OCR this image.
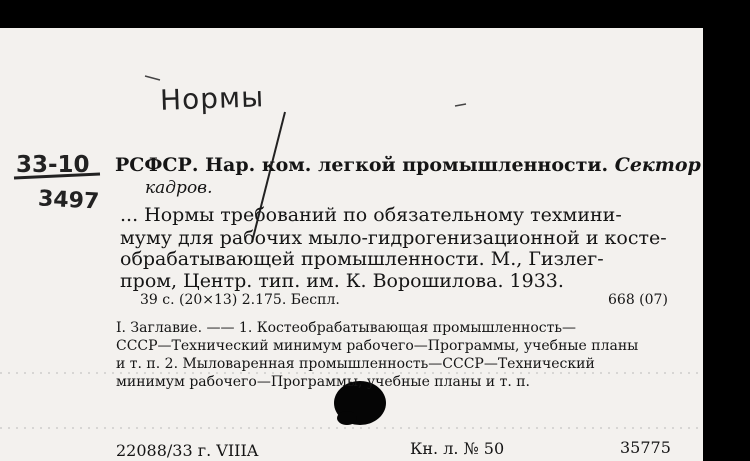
Нормы
33-10
3497
РСФСР. Нар. ком. легкой промышленности. Сектор
кадров.
... Нормы требований по обязательному техмини-
муму для рабочих мыло-гидрогенизационной и косте-
обрабатывающей промышленности. М., Гизлег-
пром, Центр. тип. им. К. Ворошилова. 1933.
39 с. (20×13) 2.175. Беспл.	668 (07)
I. Заглавие. —— 1. Костеобрабатывающая промышленность—
СССР—Технический минимум рабочего—Программы, учебные планы
и т. п. 2. Мыловаренная промышленность—СССР—Технический
минимум рабочего—Программы, учебные планы и т. п.
22088/33 г. VIIIA	Кн. л. № 50	35775
